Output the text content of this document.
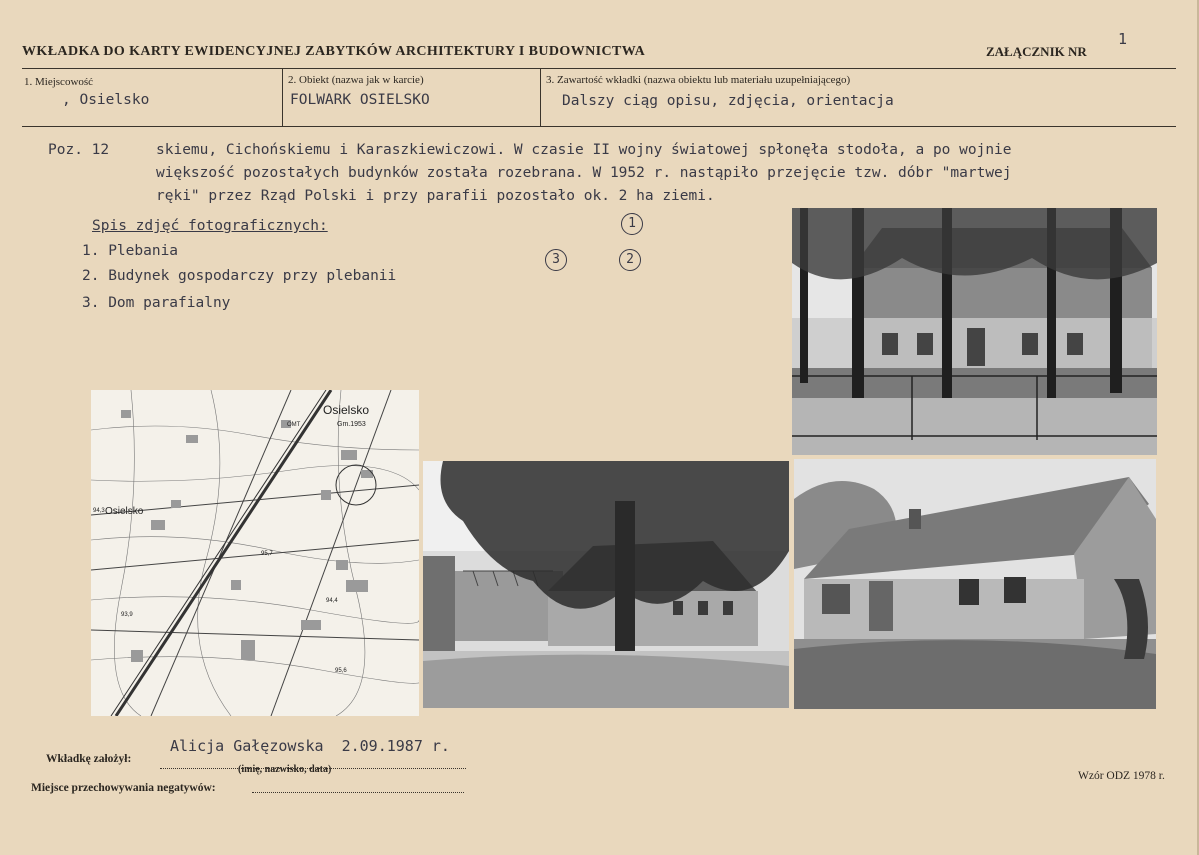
WKŁADKA DO KARTY EWIDENCYJNEJ ZABYTKÓW ARCHITEKTURY I BUDOWNICTWA	ZAŁĄCZNIK NR
1
1. Miejscowość
, Osielsko
2. Obiekt (nazwa jak w karcie)
FOLWARK OSIELSKO
3. Zawartość wkładki (nazwa obiektu lub materiału uzupełniającego)
Dalszy ciąg opisu, zdjęcia, orientacja
Poz. 12	skiemu, Cichońskiemu i Karaszkiewiczowi. W czasie II wojny światowej spłonęła stodoła, a po wojnie
większość pozostałych budynków została rozebrana. W 1952 r. nastąpiło przejęcie tzw. dóbr "martwej
ręki" przez Rząd Polski i przy parafii pozostało ok. 2 ha ziemi.
Spis zdjęć fotograficznych:
1. Plebania
2. Budynek gospodarczy przy plebanii
3. Dom parafialny
1
3	2
Osielsko
Gm.1953
Osielsko
94,3
95,7
94,4
93,9
95,6
OMT
Wkładkę założył:
Alicja Gałęzowska  2.09.1987 r.
(imię, nazwisko, data)
Miejsce przechowywania negatywów:
Wzór ODZ 1978 r.
